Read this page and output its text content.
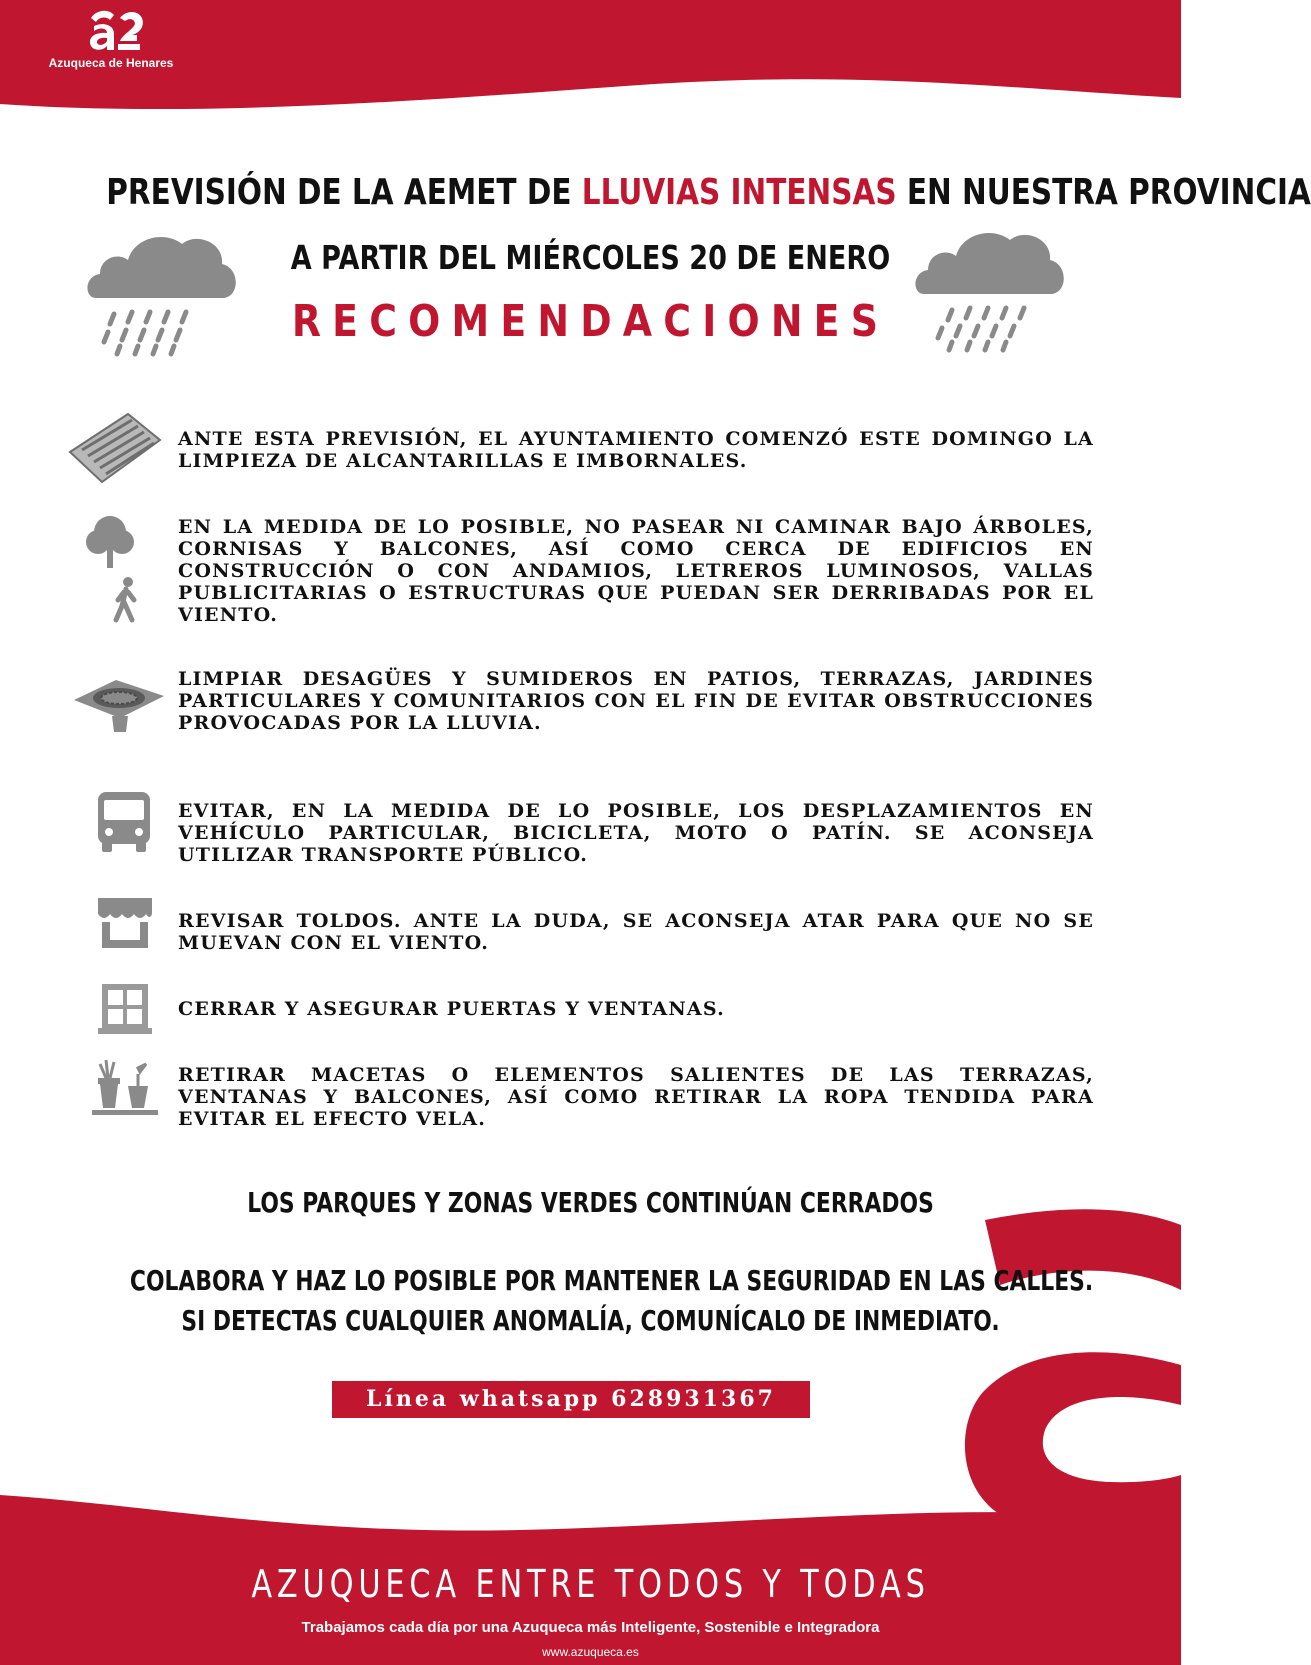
Azuqueca de Henares
PREVISIÓN DE LA AEMET DE LLUVIAS INTENSAS EN NUESTRA PROVINCIA
A PARTIR DEL MIÉRCOLES 20 DE ENERO
RECOMENDACIONES
ANTE ESTA PREVISIÓN, EL AYUNTAMIENTO COMENZÓ ESTE DOMINGO LA LIMPIEZA DE ALCANTARILLAS E IMBORNALES.
EN LA MEDIDA DE LO POSIBLE, NO PASEAR NI CAMINAR BAJO ÁRBOLES, CORNISAS Y BALCONES, ASÍ COMO CERCA DE EDIFICIOS EN CONSTRUCCIÓN O CON ANDAMIOS, LETREROS LUMINOSOS, VALLAS PUBLICITARIAS O ESTRUCTURAS QUE PUEDAN SER DERRIBADAS POR EL VIENTO.
LIMPIAR DESAGÜES Y SUMIDEROS EN PATIOS, TERRAZAS, JARDINES PARTICULARES Y COMUNITARIOS CON EL FIN DE EVITAR OBSTRUCCIONES PROVOCADAS POR LA LLUVIA.
EVITAR, EN LA MEDIDA DE LO POSIBLE, LOS DESPLAZAMIENTOS EN VEHÍCULO PARTICULAR, BICICLETA, MOTO O PATÍN. SE ACONSEJA UTILIZAR TRANSPORTE PÚBLICO.
REVISAR TOLDOS. ANTE LA DUDA, SE ACONSEJA ATAR PARA QUE NO SE MUEVAN CON EL VIENTO.
CERRAR Y ASEGURAR PUERTAS Y VENTANAS.
RETIRAR MACETAS O ELEMENTOS SALIENTES DE LAS TERRAZAS, VENTANAS Y BALCONES, ASÍ COMO RETIRAR LA ROPA TENDIDA PARA EVITAR EL EFECTO VELA.
LOS PARQUES Y ZONAS VERDES CONTINÚAN CERRADOS
COLABORA Y HAZ LO POSIBLE POR MANTENER LA SEGURIDAD EN LAS CALLES.
SI DETECTAS CUALQUIER ANOMALÍA, COMUNÍCALO DE INMEDIATO.
Línea whatsapp 628931367
AZUQUECA ENTRE TODOS Y TODAS
Trabajamos cada día por una Azuqueca más Inteligente, Sostenible e Integradora
www.azuqueca.es
